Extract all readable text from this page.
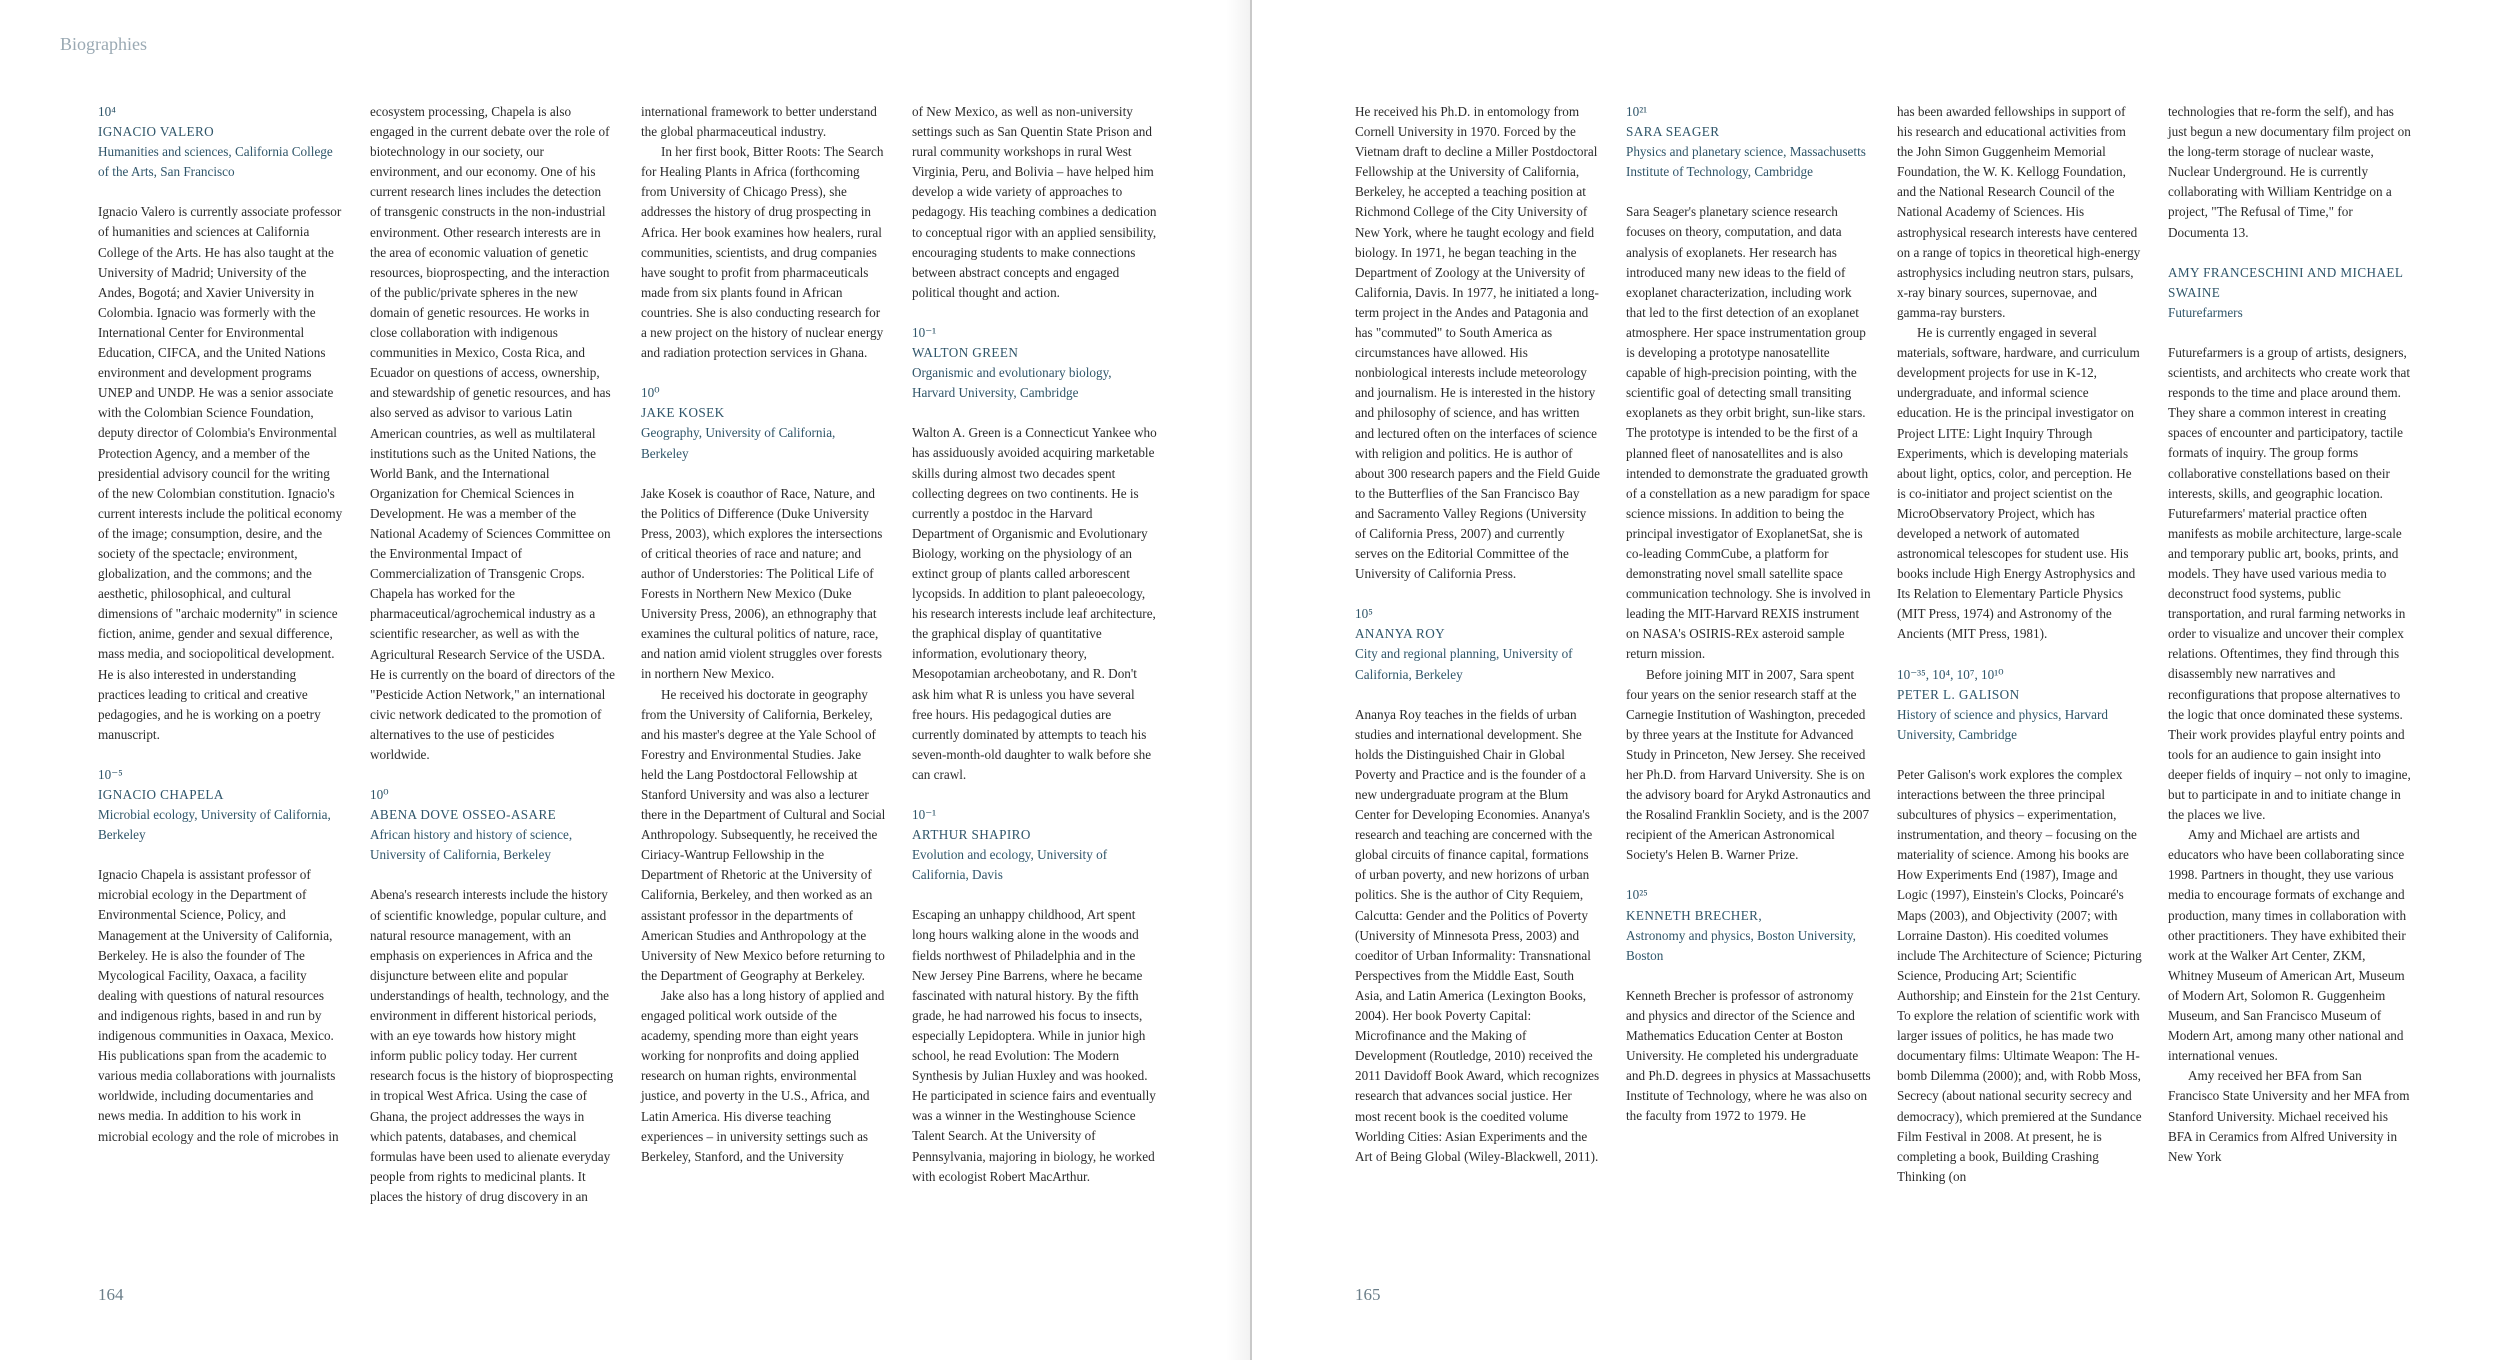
Biographies
10⁴
IGNACIO VALERO
Humanities and sciences, California College of the Arts, San Francisco

Ignacio Valero is currently associate professor of humanities and sciences at California College of the Arts. He has also taught at the University of Madrid; University of the Andes, Bogotá; and Xavier University in Colombia. Ignacio was formerly with the International Center for Environmental Education, CIFCA, and the United Nations environment and development programs UNEP and UNDP. He was a senior associate with the Colombian Science Foundation, deputy director of Colombia's Environmental Protection Agency, and a member of the presidential advisory council for the writing of the new Colombian constitution. Ignacio's current interests include the political economy of the image; consumption, desire, and the society of the spectacle; environment, globalization, and the commons; and the aesthetic, philosophical, and cultural dimensions of "archaic modernity" in science fiction, anime, gender and sexual difference, mass media, and sociopolitical development. He is also interested in understanding practices leading to critical and creative pedagogies, and he is working on a poetry manuscript.

10⁻⁵
IGNACIO CHAPELA
Microbial ecology, University of California, Berkeley

Ignacio Chapela is assistant professor of microbial ecology in the Department of Environmental Science, Policy, and Management at the University of California, Berkeley. He is also the founder of The Mycological Facility, Oaxaca, a facility dealing with questions of natural resources and indigenous rights, based in and run by indigenous communities in Oaxaca, Mexico. His publications span from the academic to various media collaborations with journalists worldwide, including documentaries and news media. In addition to his work in microbial ecology and the role of microbes in

ecosystem processing, Chapela is also engaged in the current debate over the role of biotechnology in our society, our environment, and our economy. One of his current research lines includes the detection of transgenic constructs in the non-industrial environment. Other research interests are in the area of economic valuation of genetic resources, bioprospecting, and the interaction of the public/private spheres in the new domain of genetic resources. He works in close collaboration with indigenous communities in Mexico, Costa Rica, and Ecuador on questions of access, ownership, and stewardship of genetic resources, and has also served as advisor to various Latin American countries, as well as multilateral institutions such as the United Nations, the World Bank, and the International Organization for Chemical Sciences in Development. He was a member of the National Academy of Sciences Committee on the Environmental Impact of Commercialization of Transgenic Crops. Chapela has worked for the pharmaceutical/agrochemical industry as a scientific researcher, as well as with the Agricultural Research Service of the USDA. He is currently on the board of directors of the "Pesticide Action Network," an international civic network dedicated to the promotion of alternatives to the use of pesticides worldwide.

10⁰
ABENA DOVE OSSEO-ASARE
African history and history of science, University of California, Berkeley

Abena's research interests include the history of scientific knowledge, popular culture, and natural resource management, with an emphasis on experiences in Africa and the disjuncture between elite and popular understandings of health, technology, and the environment in different historical periods, with an eye towards how history might inform public policy today. Her current research focus is the history of bioprospecting in tropical West Africa. Using the case of Ghana, the project addresses the ways in which patents, databases, and chemical formulas have been used to alienate everyday people from rights to medicinal plants. It places the history of drug discovery in an

international framework to better understand the global pharmaceutical industry.

In her first book, Bitter Roots: The Search for Healing Plants in Africa (forthcoming from University of Chicago Press), she addresses the history of drug prospecting in Africa. Her book examines how healers, rural communities, scientists, and drug companies have sought to profit from pharmaceuticals made from six plants found in African countries. She is also conducting research for a new project on the history of nuclear energy and radiation protection services in Ghana.

10⁰
JAKE KOSEK
Geography, University of California, Berkeley

Jake Kosek is coauthor of Race, Nature, and the Politics of Difference (Duke University Press, 2003), which explores the intersections of critical theories of race and nature; and author of Understories: The Political Life of Forests in Northern New Mexico (Duke University Press, 2006), an ethnography that examines the cultural politics of nature, race, and nation amid violent struggles over forests in northern New Mexico.

He received his doctorate in geography from the University of California, Berkeley, and his master's degree at the Yale School of Forestry and Environmental Studies. Jake held the Lang Postdoctoral Fellowship at Stanford University and was also a lecturer there in the Department of Cultural and Social Anthropology. Subsequently, he received the Ciriacy-Wantrup Fellowship in the Department of Rhetoric at the University of California, Berkeley, and then worked as an assistant professor in the departments of American Studies and Anthropology at the University of New Mexico before returning to the Department of Geography at Berkeley.

Jake also has a long history of applied and engaged political work outside of the academy, spending more than eight years working for nonprofits and doing applied research on human rights, environmental justice, and poverty in the U.S., Africa, and Latin America. His diverse teaching experiences – in university settings such as Berkeley, Stanford, and the University

of New Mexico, as well as non-university settings such as San Quentin State Prison and rural community workshops in rural West Virginia, Peru, and Bolivia – have helped him develop a wide variety of approaches to pedagogy. His teaching combines a dedication to conceptual rigor with an applied sensibility, encouraging students to make connections between abstract concepts and engaged political thought and action.

10⁻¹
WALTON GREEN
Organismic and evolutionary biology, Harvard University, Cambridge

Walton A. Green is a Connecticut Yankee who has assiduously avoided acquiring marketable skills during almost two decades spent collecting degrees on two continents. He is currently a postdoc in the Harvard Department of Organismic and Evolutionary Biology, working on the physiology of an extinct group of plants called arborescent lycopsids. In addition to plant paleoecology, his research interests include leaf architecture, the graphical display of quantitative information, evolutionary theory, Mesopotamian archeobotany, and R. Don't ask him what R is unless you have several free hours. His pedagogical duties are currently dominated by attempts to teach his seven-month-old daughter to walk before she can crawl.

10⁻¹
ARTHUR SHAPIRO
Evolution and ecology, University of California, Davis

Escaping an unhappy childhood, Art spent long hours walking alone in the woods and fields northwest of Philadelphia and in the New Jersey Pine Barrens, where he became fascinated with natural history. By the fifth grade, he had narrowed his focus to insects, especially Lepidoptera. While in junior high school, he read Evolution: The Modern Synthesis by Julian Huxley and was hooked. He participated in science fairs and eventually was a winner in the Westinghouse Science Talent Search. At the University of Pennsylvania, majoring in biology, he worked with ecologist Robert MacArthur.

He received his Ph.D. in entomology from Cornell University in 1970. Forced by the Vietnam draft to decline a Miller Postdoctoral Fellowship at the University of California, Berkeley, he accepted a teaching position at Richmond College of the City University of New York, where he taught ecology and field biology. In 1971, he began teaching in the Department of Zoology at the University of California, Davis. In 1977, he initiated a long-term project in the Andes and Patagonia and has "commuted" to South America as circumstances have allowed. His nonbiological interests include meteorology and journalism. He is interested in the history and philosophy of science, and has written and lectured often on the interfaces of science with religion and politics. He is author of about 300 research papers and the Field Guide to the Butterflies of the San Francisco Bay and Sacramento Valley Regions (University of California Press, 2007) and currently serves on the Editorial Committee of the University of California Press.

10⁵
ANANYA ROY
City and regional planning, University of California, Berkeley

Ananya Roy teaches in the fields of urban studies and international development. She holds the Distinguished Chair in Global Poverty and Practice and is the founder of a new undergraduate program at the Blum Center for Developing Economies. Ananya's research and teaching are concerned with the global circuits of finance capital, formations of urban poverty, and new horizons of urban politics. She is the author of City Requiem, Calcutta: Gender and the Politics of Poverty (University of Minnesota Press, 2003) and coeditor of Urban Informality: Transnational Perspectives from the Middle East, South Asia, and Latin America (Lexington Books, 2004). Her book Poverty Capital: Microfinance and the Making of Development (Routledge, 2010) received the 2011 Davidoff Book Award, which recognizes research that advances social justice. Her most recent book is the coedited volume Worlding Cities: Asian Experiments and the Art of Being Global (Wiley-Blackwell, 2011).

10²¹
SARA SEAGER
Physics and planetary science, Massachusetts Institute of Technology, Cambridge

Sara Seager's planetary science research focuses on theory, computation, and data analysis of exoplanets. Her research has introduced many new ideas to the field of exoplanet characterization, including work that led to the first detection of an exoplanet atmosphere. Her space instrumentation group is developing a prototype nanosatellite capable of high-precision pointing, with the scientific goal of detecting small transiting exoplanets as they orbit bright, sun-like stars. The prototype is intended to be the first of a planned fleet of nanosatellites and is also intended to demonstrate the graduated growth of a constellation as a new paradigm for space science missions. In addition to being the principal investigator of ExoplanetSat, she is co-leading CommCube, a platform for demonstrating novel small satellite space communication technology. She is involved in leading the MIT-Harvard REXIS instrument on NASA's OSIRIS-REx asteroid sample return mission.

Before joining MIT in 2007, Sara spent four years on the senior research staff at the Carnegie Institution of Washington, preceded by three years at the Institute for Advanced Study in Princeton, New Jersey. She received her Ph.D. from Harvard University. She is on the advisory board for Arykd Astronautics and the Rosalind Franklin Society, and is the 2007 recipient of the American Astronomical Society's Helen B. Warner Prize.

10²⁵
KENNETH BRECHER,
Astronomy and physics, Boston University, Boston

Kenneth Brecher is professor of astronomy and physics and director of the Science and Mathematics Education Center at Boston University. He completed his undergraduate and Ph.D. degrees in physics at Massachusetts Institute of Technology, where he was also on the faculty from 1972 to 1979. He

has been awarded fellowships in support of his research and educational activities from the John Simon Guggenheim Memorial Foundation, the W. K. Kellogg Foundation, and the National Research Council of the National Academy of Sciences. His astrophysical research interests have centered on a range of topics in theoretical high-energy astrophysics including neutron stars, pulsars, x-ray binary sources, supernovae, and gamma-ray bursters.

He is currently engaged in several materials, software, hardware, and curriculum development projects for use in K-12, undergraduate, and informal science education. He is the principal investigator on Project LITE: Light Inquiry Through Experiments, which is developing materials about light, optics, color, and perception. He is co-initiator and project scientist on the MicroObservatory Project, which has developed a network of automated astronomical telescopes for student use. His books include High Energy Astrophysics and Its Relation to Elementary Particle Physics (MIT Press, 1974) and Astronomy of the Ancients (MIT Press, 1981).

10⁻³⁵, 10⁴, 10⁷, 10¹⁰
PETER L. GALISON
History of science and physics, Harvard University, Cambridge

Peter Galison's work explores the complex interactions between the three principal subcultures of physics – experimentation, instrumentation, and theory – focusing on the materiality of science. Among his books are How Experiments End (1987), Image and Logic (1997), Einstein's Clocks, Poincaré's Maps (2003), and Objectivity (2007; with Lorraine Daston). His coedited volumes include The Architecture of Science; Picturing Science, Producing Art; Scientific Authorship; and Einstein for the 21st Century. To explore the relation of scientific work with larger issues of politics, he has made two documentary films: Ultimate Weapon: The H-bomb Dilemma (2000); and, with Robb Moss, Secrecy (about national security secrecy and democracy), which premiered at the Sundance Film Festival in 2008. At present, he is completing a book, Building Crashing Thinking (on

technologies that re-form the self), and has just begun a new documentary film project on the long-term storage of nuclear waste, Nuclear Underground. He is currently collaborating with William Kentridge on a project, "The Refusal of Time," for Documenta 13.

AMY FRANCESCHINI AND MICHAEL SWAINE
Futurefarmers

Futurefarmers is a group of artists, designers, scientists, and architects who create work that responds to the time and place around them. They share a common interest in creating spaces of encounter and participatory, tactile formats of inquiry. The group forms collaborative constellations based on their interests, skills, and geographic location. Futurefarmers' material practice often manifests as mobile architecture, large-scale and temporary public art, books, prints, and models. They have used various media to deconstruct food systems, public transportation, and rural farming networks in order to visualize and uncover their complex relations. Oftentimes, they find through this disassembly new narratives and reconfigurations that propose alternatives to the logic that once dominated these systems. Their work provides playful entry points and tools for an audience to gain insight into deeper fields of inquiry – not only to imagine, but to participate in and to initiate change in the places we live.

Amy and Michael are artists and educators who have been collaborating since 1998. Partners in thought, they use various media to encourage formats of exchange and production, many times in collaboration with other practitioners. They have exhibited their work at the Walker Art Center, ZKM, Whitney Museum of American Art, Museum of Modern Art, Solomon R. Guggenheim Museum, and San Francisco Museum of Modern Art, among many other national and international venues.

Amy received her BFA from San Francisco State University and her MFA from Stanford University. Michael received his BFA in Ceramics from Alfred University in New York

164	165
